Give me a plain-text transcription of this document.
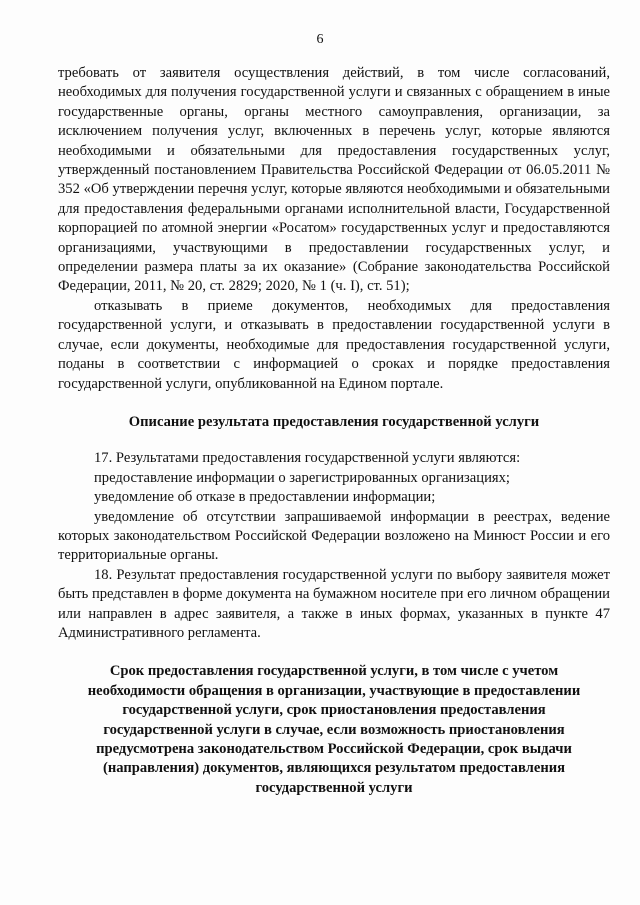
6

требовать от заявителя осуществления действий, в том числе согласований, необходимых для получения государственной услуги и связанных с обращением в иные государственные органы, органы местного самоуправления, организации, за исключением получения услуг, включенных в перечень услуг, которые являются необходимыми и обязательными для предоставления государственных услуг, утвержденный постановлением Правительства Российской Федерации от 06.05.2011 № 352 «Об утверждении перечня услуг, которые являются необходимыми и обязательными для предоставления федеральными органами исполнительной власти, Государственной корпорацией по атомной энергии «Росатом» государственных услуг и предоставляются организациями, участвующими в предоставлении государственных услуг, и определении размера платы за их оказание» (Собрание законодательства Российской Федерации, 2011, № 20, ст. 2829; 2020, № 1 (ч. I), ст. 51);

отказывать в приеме документов, необходимых для предоставления государственной услуги, и отказывать в предоставлении государственной услуги в случае, если документы, необходимые для предоставления государственной услуги, поданы в соответствии с информацией о сроках и порядке предоставления государственной услуги, опубликованной на Едином портале.

Описание результата предоставления государственной услуги

17. Результатами предоставления государственной услуги являются:

предоставление информации о зарегистрированных организациях;

уведомление об отказе в предоставлении информации;

уведомление об отсутствии запрашиваемой информации в реестрах, ведение которых законодательством Российской Федерации возложено на Минюст России и его территориальные органы.

18. Результат предоставления государственной услуги по выбору заявителя может быть представлен в форме документа на бумажном носителе при его личном обращении или направлен в адрес заявителя, а также в иных формах, указанных в пункте 47 Административного регламента.

Срок предоставления государственной услуги, в том числе с учетом
необходимости обращения в организации, участвующие в предоставлении
государственной услуги, срок приостановления предоставления
государственной услуги в случае, если возможность приостановления
предусмотрена законодательством Российской Федерации, срок выдачи
(направления) документов, являющихся результатом предоставления
государственной услуги
